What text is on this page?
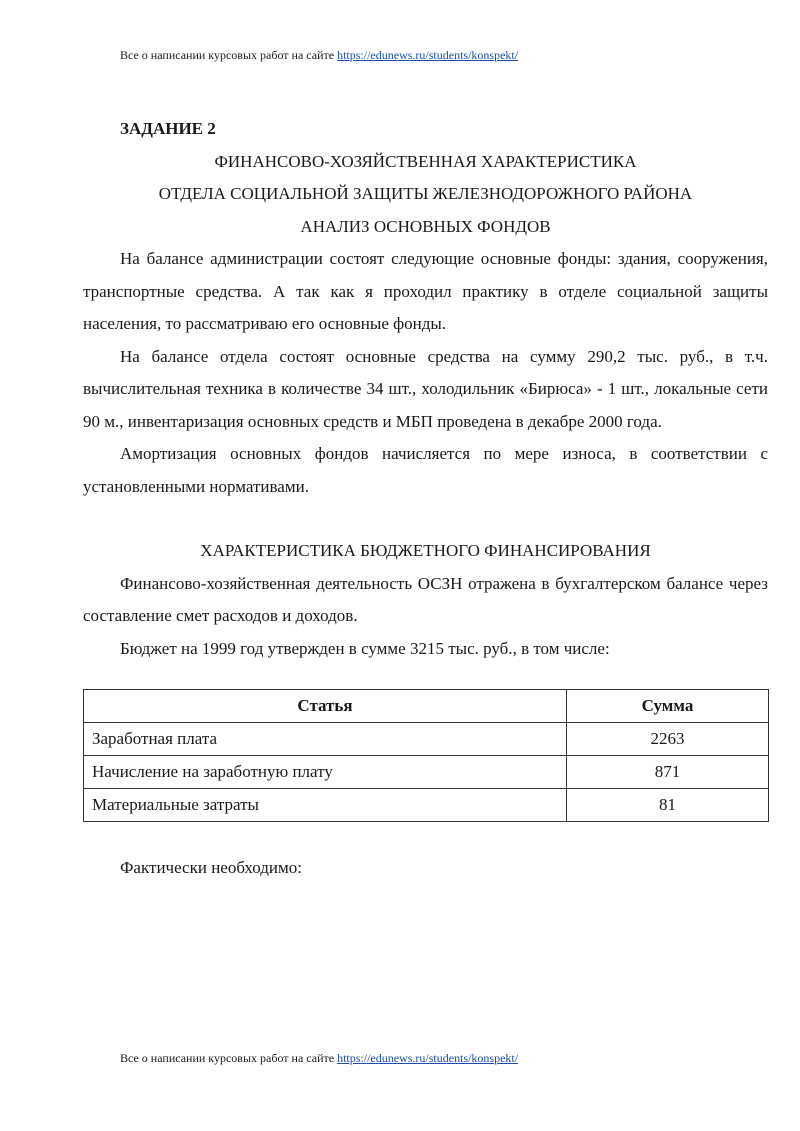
Все о написании курсовых работ на сайте https://edunews.ru/students/konspekt/

ЗАДАНИЕ 2

ФИНАНСОВО-ХОЗЯЙСТВЕННАЯ ХАРАКТЕРИСТИКА

ОТДЕЛА СОЦИАЛЬНОЙ ЗАЩИТЫ ЖЕЛЕЗНОДОРОЖНОГО РАЙОНА

АНАЛИЗ ОСНОВНЫХ ФОНДОВ

На балансе администрации состоят следующие основные фонды: здания, сооружения, транспортные средства. А так как я проходил практику в отделе социальной защиты населения, то рассматриваю его основные фонды.

На балансе отдела состоят основные средства на сумму 290,2 тыс. руб., в т.ч. вычислительная техника в количестве 34 шт., холодильник «Бирюса» - 1 шт., локальные сети 90 м., инвентаризация основных средств и МБП проведена в декабре 2000 года.

Амортизация основных фондов начисляется по мере износа, в соответствии с установленными нормативами.

ХАРАКТЕРИСТИКА БЮДЖЕТНОГО ФИНАНСИРОВАНИЯ

Финансово-хозяйственная деятельность ОСЗН отражена в бухгалтерском балансе через составление смет расходов и доходов.

Бюджет на 1999 год утвержден в сумме 3215 тыс. руб., в том числе:

Статья	Сумма
Заработная плата	2263
Начисление на заработную плату	871
Материальные затраты	81

Фактически необходимо:

Все о написании курсовых работ на сайте https://edunews.ru/students/konspekt/
